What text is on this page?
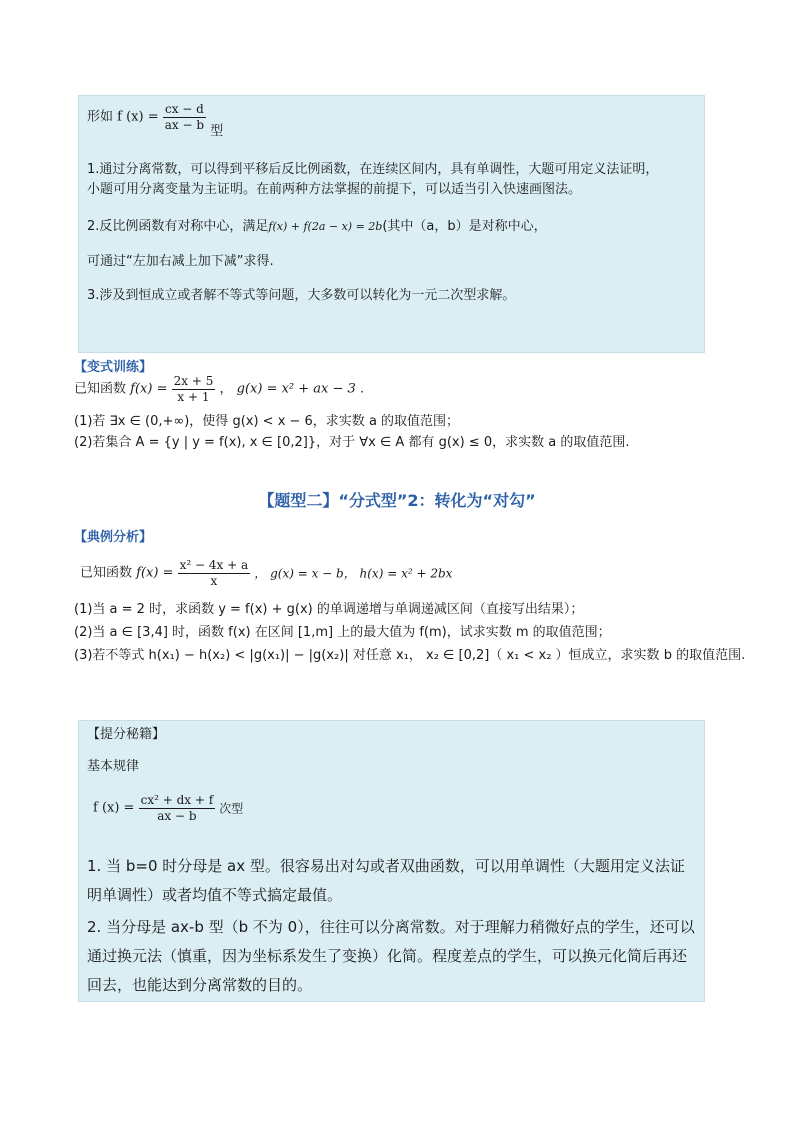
形如 f $(x) = \frac{cx - d}{ax - b}$ 型
1.通过分离常数，可以得到平移后反比例函数，在连续区间内，具有单调性，大题可用定义法证明，
小题可用分离变量为主证明。在前两种方法掌握的前提下，可以适当引入快速画图法。
2.反比例函数有对称中心，满足f(x) + f(2a − x) = 2b(其中（a，b）是对称中心，
可通过“左加右减上加下减”求得.
3.涉及到恒成立或者解不等式等问题，大多数可以转化为一元二次型求解。
【变式训练】
已知函数 $f(x) = \frac{2x + 5}{x + 1}$ ， g(x) = x² + ax − 3 .
(1)若 ∃x ∈ (0,+∞)，使得 g(x) < x − 6，求实数 a 的取值范围；
(2)若集合 A = {y | y = f(x), x ∈ [0,2]}，对于 ∀x ∈ A 都有 g(x) ≤ 0，求实数 a 的取值范围.
【题型二】“分式型”2：转化为“对勾”
【典例分析】
已知函数 $f(x) = \frac{\text{x² − 4x + a}}{x}$ ， g(x) = x − b， h(x) = x² + 2bx
(1)当 a = 2 时，求函数 y = f(x) + g(x) 的单调递增与单调递减区间（直接写出结果）；
(2)当 a ∈ [3,4] 时，函数 f(x) 在区间 [1,m] 上的最大值为 f(m)，试求实数 m 的取值范围；
(3)若不等式 h(x₁) − h(x₂) < |g(x₁)| − |g(x₂)| 对任意 x₁， x₂ ∈ [0,2]（ x₁ < x₂ ）恒成立，求实数 b 的取值范围.
【提分秘籍】
基本规律
f $(x) = \frac{\text{cx² + dx + f}}{ax - b}$ 次型
1. 当 b=0 时分母是 ax 型。很容易出对勾或者双曲函数，可以用单调性（大题用定义法证明单调性）或者均值不等式搞定最值。
2. 当分母是 ax-b 型（b 不为 0），往往可以分离常数。对于理解力稍微好点的学生，还可以通过换元法（慎重，因为坐标系发生了变换）化简。程度差点的学生，可以换元化简后再还回去，也能达到分离常数的目的。
